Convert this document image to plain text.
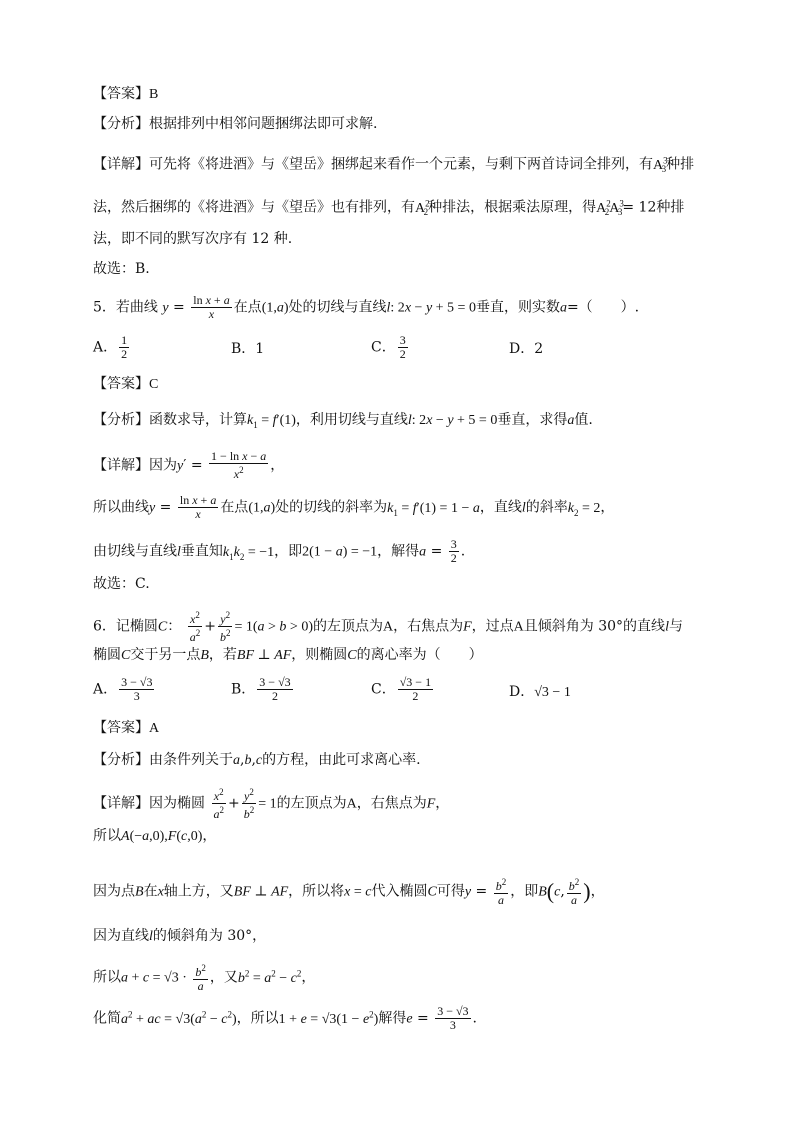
【答案】B
【分析】根据排列中相邻问题捆绑法即可求解.
【详解】可先将《将进酒》与《望岳》捆绑起来看作一个元素，与剩下两首诗词全排列，有$A^3_3$种排
法，然后捆绑的《将进酒》与《望岳》也有排列，有$A^2_2$种排法，根据乘法原理，得$A^2_2A^3_3= 12$种排
法，即不同的默写次序有 12 种.
故选：B.
5．若曲线 $y = \frac{\text{ln x + a}}{x}$ 在点(1,a)处的切线与直线l: 2x − y + 5 = 0垂直，则实数a=（　　）.
A． $\frac{1}{2}$	B．1	C． $\frac{3}{2}$	D．2
【答案】C
【分析】函数求导，计算$k_1 = f'(1)$，利用切线与直线l: 2x − y + 5 = 0垂直，求得a值.
【详解】因为$y' = \frac{\text{1 − ln x − a}}{x^2}$ ，
所以曲线$y = \frac{\text{ln x + a}}{x}$ 在点(1,a)处的切线的斜率为$k_1 = f'(1) = 1 - a$，直线l的斜率$k_2 = 2$，
由切线与直线l垂直知$k_1k_2 = -1$，即2(1 − a) = −1，解得$a = \frac{3}{2}$ .
故选：C.
6．记椭圆C： $\frac{x^2}{a^2} + \frac{y^2}{b^2} = 1(a > b > 0)$的左顶点为A，右焦点为F，过点A且倾斜角为 30°的直线l与
椭圆C交于另一点B，若BF ⊥ AF，则椭圆C的离心率为（　　）
A． $\frac{3 - √3}{3}$	B． $\frac{3 - √3}{2}$	C． $\frac{√3 - 1}{2}$	D．√3 − 1
【答案】A
【分析】由条件列关于a,b,c的方程，由此可求离心率.
【详解】因为椭圆 $\frac{x^2}{a^2} + \frac{y^2}{b^2} = 1$的左顶点为A，右焦点为F，
所以A(−a,0),F(c,0)，
因为点B在x轴上方，又BF ⊥ AF，所以将x = c代入椭圆C可得$y = \frac{b^2}{a}$ ，即B(c, $\frac{b^2}{a}$ )，
因为直线l的倾斜角为 30°，
所以$a + c = √3 \cdot \frac{b^2}{a}$ ，又$b^2 = a^2 - c^2$，
化简$a^2$ + ac = $√3(a^2 - c^2)$，所以$1 + e = √3(1 - e^2)$解得$e = \frac{3 - √3}{3}$ .
